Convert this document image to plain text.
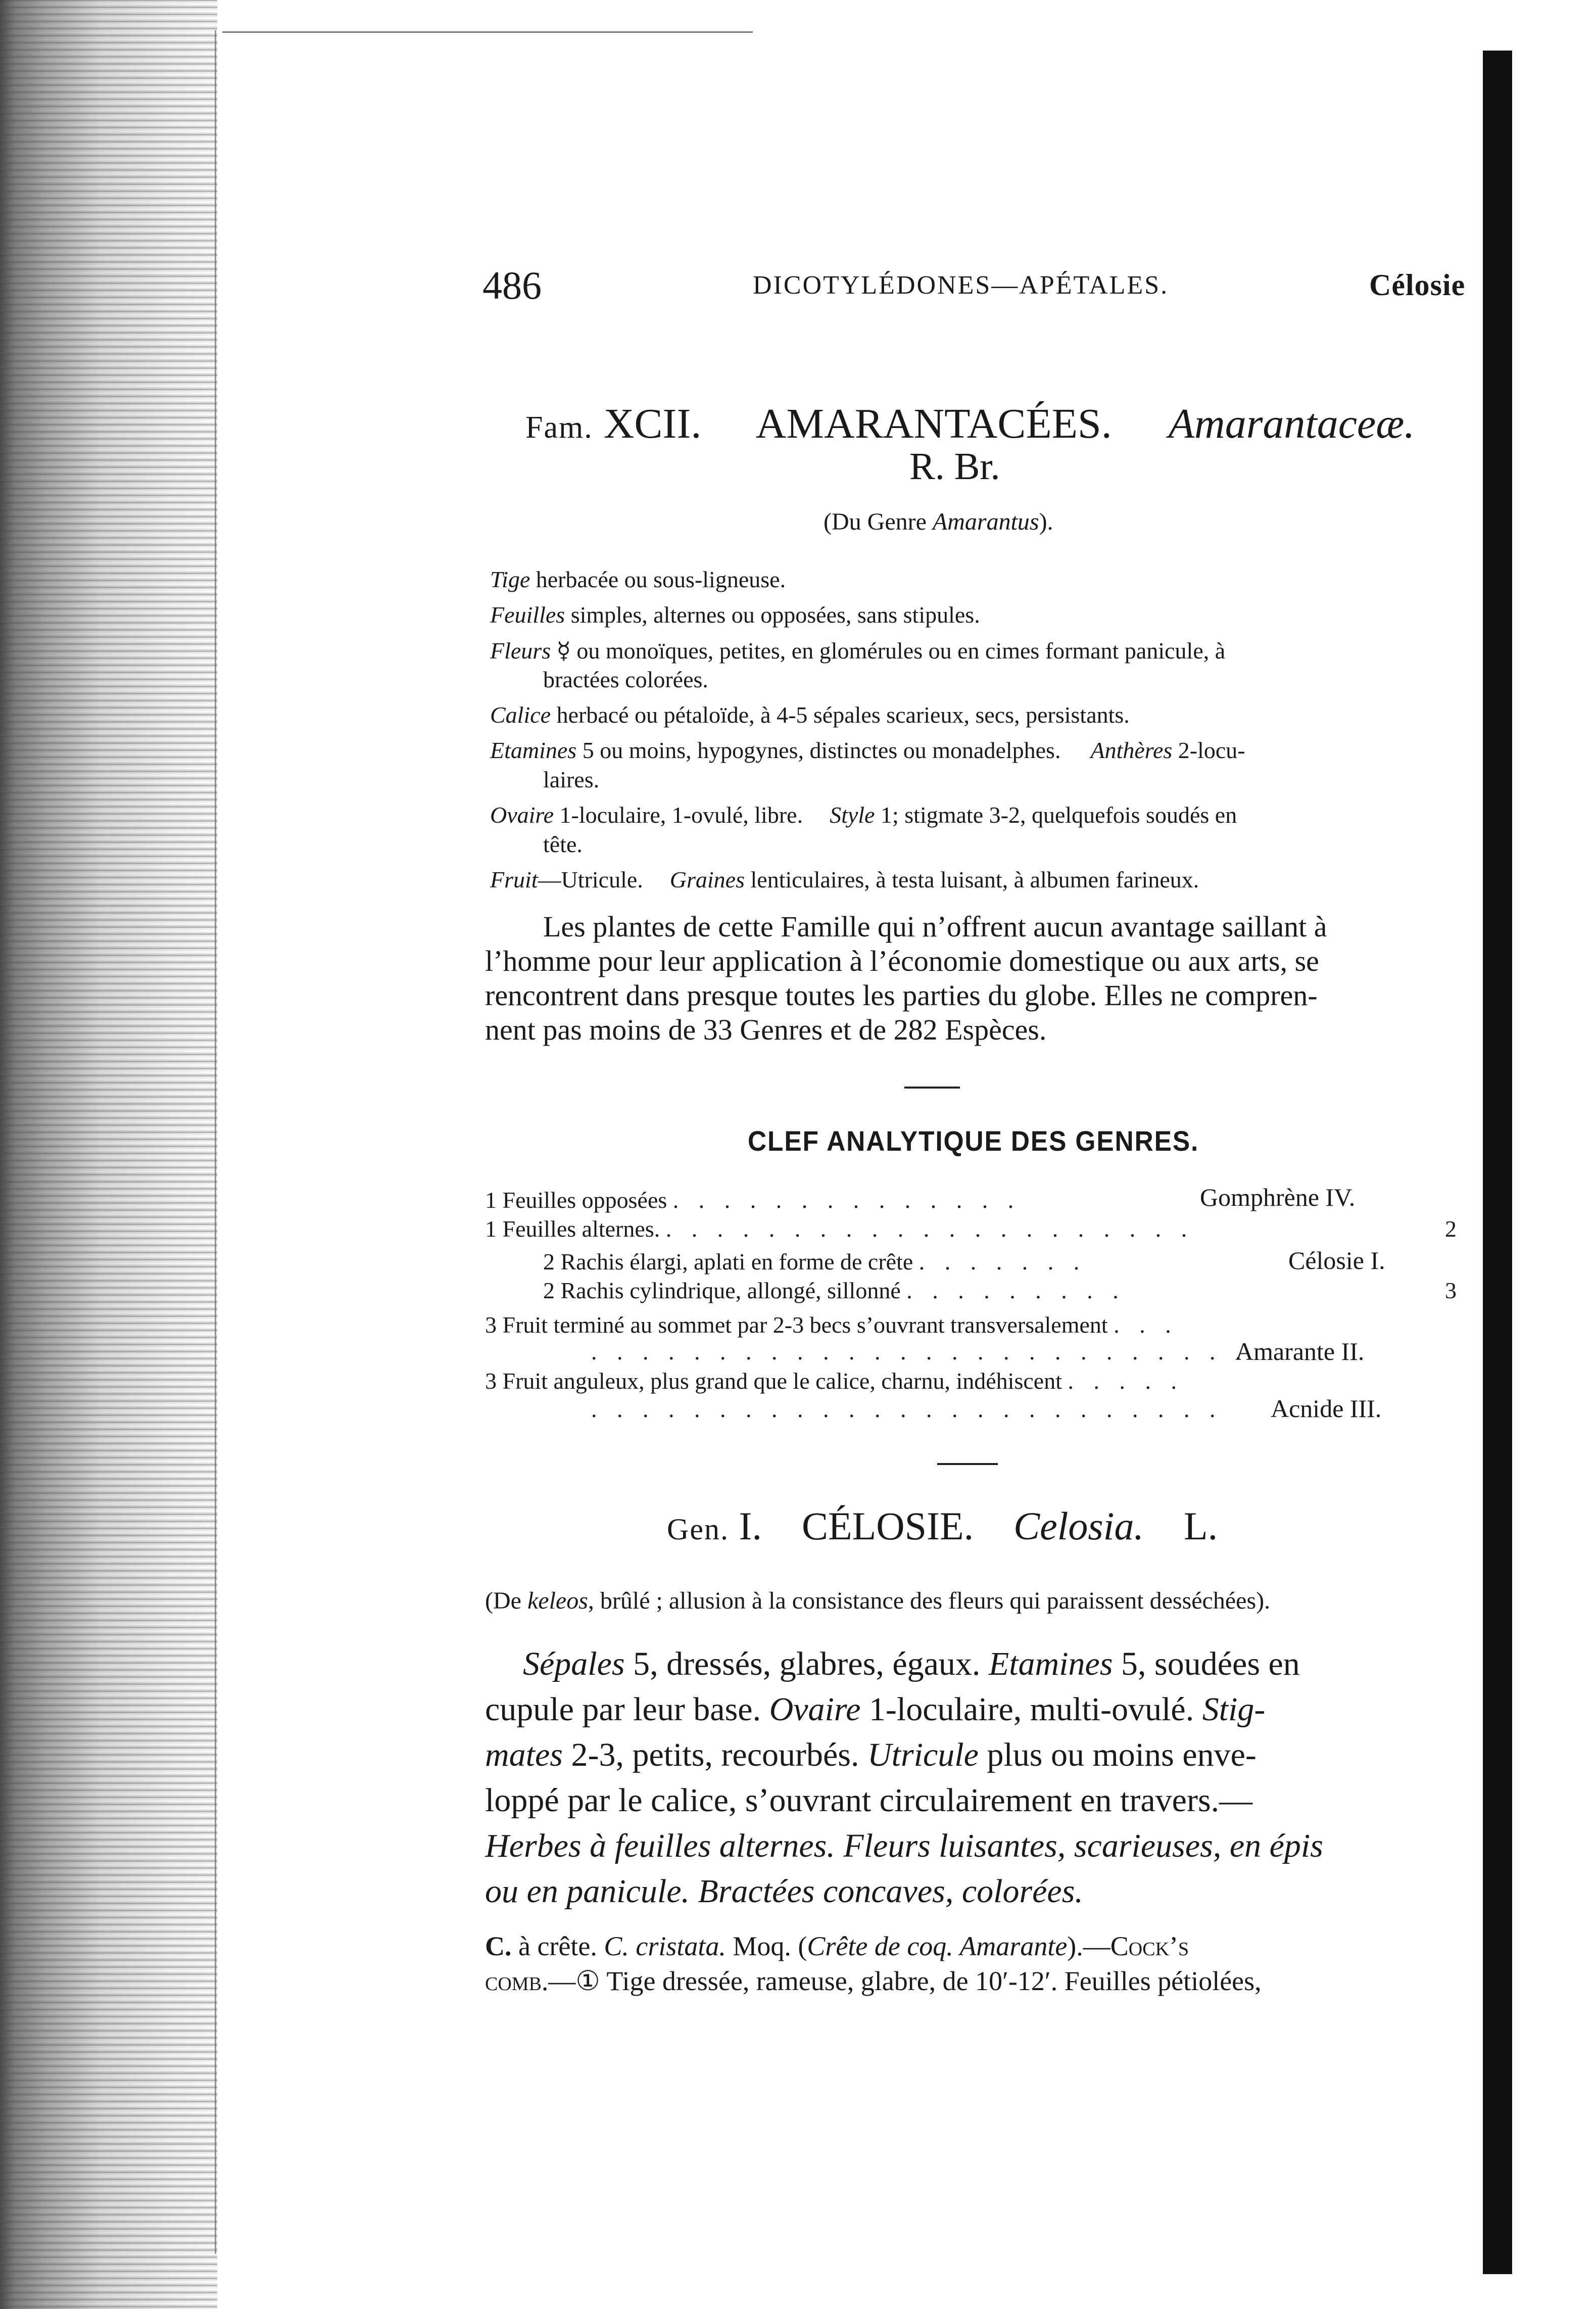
486	DICOTYLÉDONES—APÉTALES.	Célosie
Fam. XCII. AMARANTACÉES. Amarantaceæ.
R. Br.
(Du Genre Amarantus).
Tige herbacée ou sous-ligneuse.
Feuilles simples, alternes ou opposées, sans stipules.
Fleurs ☿ ou monoïques, petites, en glomérules ou en cimes formant panicule, à
bractées colorées.
Calice herbacé ou pétaloïde, à 4-5 sépales scarieux, secs, persistants.
Etamines 5 ou moins, hypogynes, distinctes ou monadelphes. Anthères 2-locu-
laires.
Ovaire 1-loculaire, 1-ovulé, libre. Style 1; stigmate 3-2, quelquefois soudés en
tête.
Fruit—Utricule. Graines lenticulaires, à testa luisant, à albumen farineux.
Les plantes de cette Famille qui n’offrent aucun avantage saillant à
l’homme pour leur application à l’économie domestique ou aux arts, se
rencontrent dans presque toutes les parties du globe. Elles ne compren-
nent pas moins de 33 Genres et de 282 Espèces.
CLEF ANALYTIQUE DES GENRES.
1 Feuilles opposées . . . . . . . . . . . . . .	Gomphrène IV.
1 Feuilles alternes. . . . . . . . . . . . . . . . . . . . . .	2
2 Rachis élargi, aplati en forme de crête . . . . . . .	Célosie I.
2 Rachis cylindrique, allongé, sillonné . . . . . . . . .	3
3 Fruit terminé au sommet par 2-3 becs s’ouvrant transversalement . . .
. . . . . . . . . . . . . . . . . . . . . . . . . .
Amarante II.
3 Fruit anguleux, plus grand que le calice, charnu, indéhiscent . . . . .
. . . . . . . . . . . . . . . . . . . . . . . . . Acnide III.
Gen. I. CÉLOSIE. Celosia. L.
(De keleos, brûlé ; allusion à la consistance des fleurs qui paraissent desséchées).
Sépales 5, dressés, glabres, égaux. Etamines 5, soudées en
cupule par leur base. Ovaire 1-loculaire, multi-ovulé. Stig-
mates 2-3, petits, recourbés. Utricule plus ou moins enve-
loppé par le calice, s’ouvrant circulairement en travers.—
Herbes à feuilles alternes. Fleurs luisantes, scarieuses, en épis
ou en panicule. Bractées concaves, colorées.
C. à crête. C. cristata. Moq. (Crête de coq. Amarante).—Cock’s
comb.—① Tige dressée, rameuse, glabre, de 10′-12′. Feuilles pétiolées,
